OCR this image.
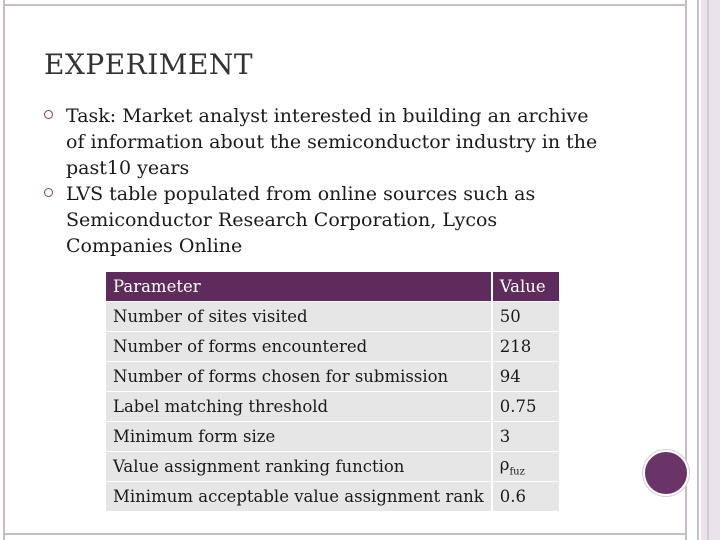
EXPERIMENT
Task: Market analyst interested in building an archive of information about the semiconductor industry in the past10 years
LVS table populated from online sources such as Semiconductor Research Corporation, Lycos Companies Online
Parameter	Value
Number of sites visited	50
Number of forms encountered	218
Number of forms chosen for submission	94
Label matching threshold	0.75
Minimum form size	3
Value assignment ranking function	$\rho_{fuz}$
Minimum acceptable value assignment rank	0.6
